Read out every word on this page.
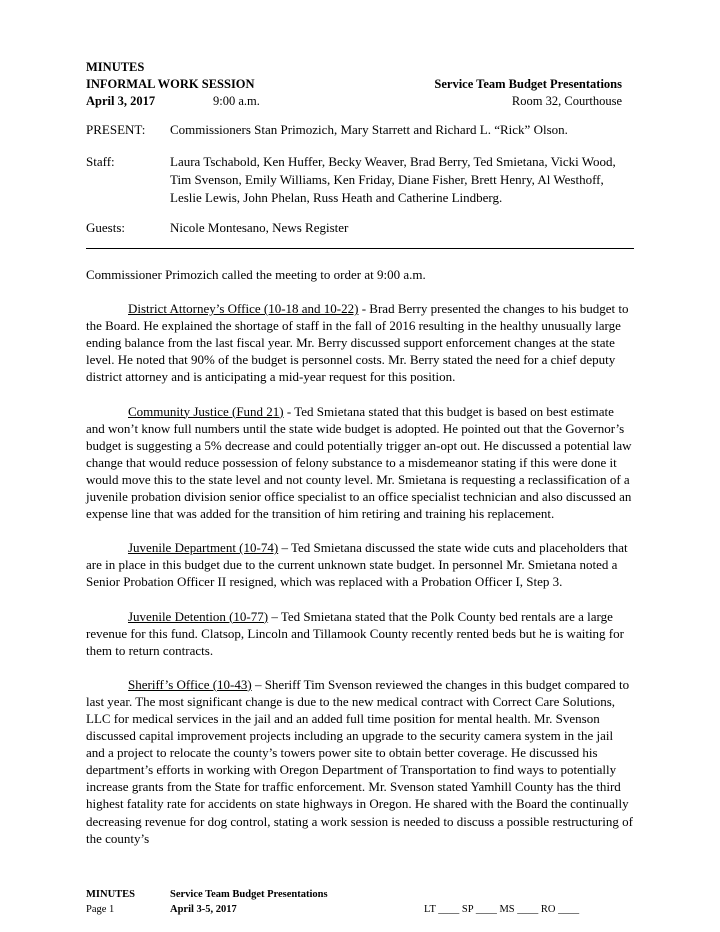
MINUTES
INFORMAL WORK SESSION	Service Team Budget Presentations
April 3, 2017	9:00 a.m.	Room 32, Courthouse
PRESENT: Commissioners Stan Primozich, Mary Starrett and Richard L. “Rick” Olson.
Staff:	Laura Tschabold, Ken Huffer, Becky Weaver, Brad Berry, Ted Smietana, Vicki Wood, Tim Svenson, Emily Williams, Ken Friday, Diane Fisher, Brett Henry, Al Westhoff, Leslie Lewis, John Phelan, Russ Heath and Catherine Lindberg.
Guests:	Nicole Montesano, News Register

Commissioner Primozich called the meeting to order at 9:00 a.m.

District Attorney’s Office (10-18 and 10-22) - Brad Berry presented the changes to his budget to the Board. He explained the shortage of staff in the fall of 2016 resulting in the healthy unusually large ending balance from the last fiscal year. Mr. Berry discussed support enforcement changes at the state level. He noted that 90% of the budget is personnel costs. Mr. Berry stated the need for a chief deputy district attorney and is anticipating a mid-year request for this position.

Community Justice (Fund 21) - Ted Smietana stated that this budget is based on best estimate and won’t know full numbers until the state wide budget is adopted. He pointed out that the Governor’s budget is suggesting a 5% decrease and could potentially trigger an-opt out. He discussed a potential law change that would reduce possession of felony substance to a misdemeanor stating if this were done it would move this to the state level and not county level. Mr. Smietana is requesting a reclassification of a juvenile probation division senior office specialist to an office specialist technician and also discussed an expense line that was added for the transition of him retiring and training his replacement.

Juvenile Department (10-74) – Ted Smietana discussed the state wide cuts and placeholders that are in place in this budget due to the current unknown state budget. In personnel Mr. Smietana noted a Senior Probation Officer II resigned, which was replaced with a Probation Officer I, Step 3.

Juvenile Detention (10-77) – Ted Smietana stated that the Polk County bed rentals are a large revenue for this fund. Clatsop, Lincoln and Tillamook County recently rented beds but he is waiting for them to return contracts.

Sheriff’s Office (10-43) – Sheriff Tim Svenson reviewed the changes in this budget compared to last year. The most significant change is due to the new medical contract with Correct Care Solutions, LLC for medical services in the jail and an added full time position for mental health. Mr. Svenson discussed capital improvement projects including an upgrade to the security camera system in the jail and a project to relocate the county’s towers power site to obtain better coverage. He discussed his department’s efforts in working with Oregon Department of Transportation to find ways to potentially increase grants from the State for traffic enforcement. Mr. Svenson stated Yamhill County has the third highest fatality rate for accidents on state highways in Oregon. He shared with the Board the continually decreasing revenue for dog control, stating a work session is needed to discuss a possible restructuring of the county’s

MINUTES	Service Team Budget Presentations
Page 1	April 3-5, 2017	LT ____ SP ____ MS ____ RO ____
